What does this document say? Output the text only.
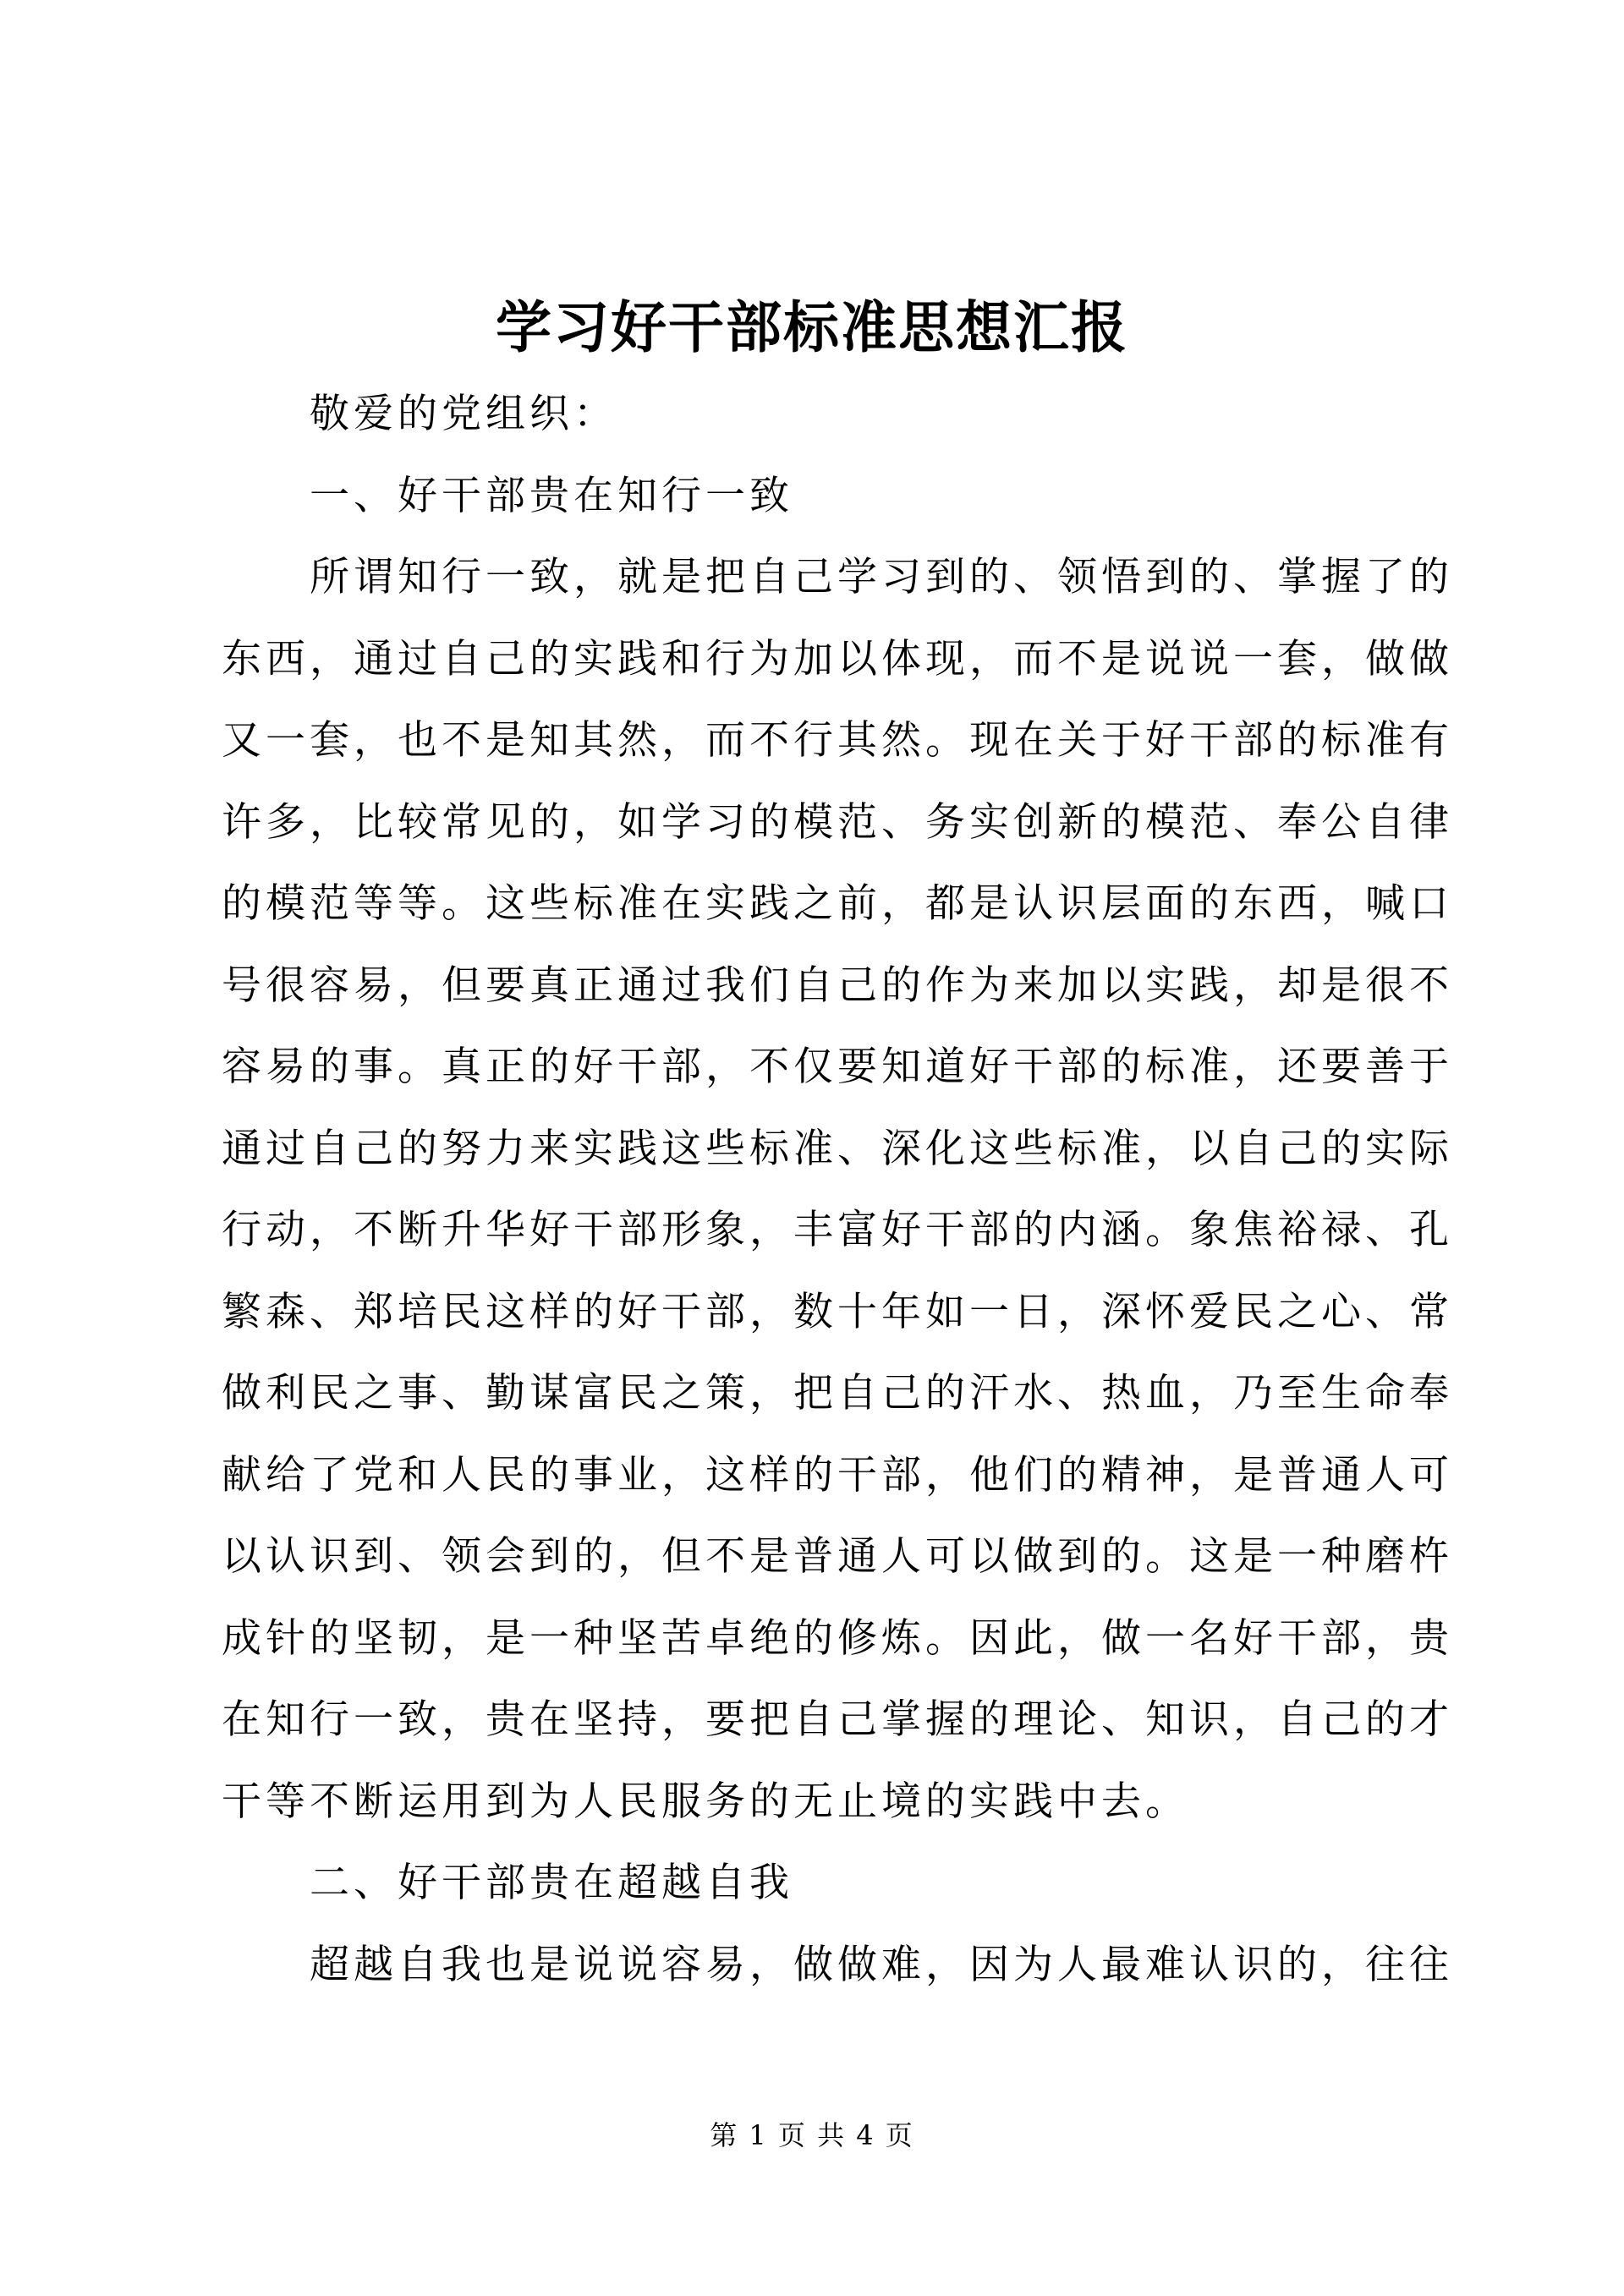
学习好干部标准思想汇报
敬爱的党组织：
一、好干部贵在知行一致
所谓知行一致，就是把自己学习到的、领悟到的、掌握了的
东西，通过自己的实践和行为加以体现，而不是说说一套，做做
又一套，也不是知其然，而不行其然。现在关于好干部的标准有
许多，比较常见的，如学习的模范、务实创新的模范、奉公自律
的模范等等。这些标准在实践之前，都是认识层面的东西，喊口
号很容易，但要真正通过我们自己的作为来加以实践，却是很不
容易的事。真正的好干部，不仅要知道好干部的标准，还要善于
通过自己的努力来实践这些标准、深化这些标准，以自己的实际
行动，不断升华好干部形象，丰富好干部的内涵。象焦裕禄、孔
繁森、郑培民这样的好干部，数十年如一日，深怀爱民之心、常
做利民之事、勤谋富民之策，把自己的汗水、热血，乃至生命奉
献给了党和人民的事业，这样的干部，他们的精神，是普通人可
以认识到、领会到的，但不是普通人可以做到的。这是一种磨杵
成针的坚韧，是一种坚苦卓绝的修炼。因此，做一名好干部，贵
在知行一致，贵在坚持，要把自己掌握的理论、知识，自己的才
干等不断运用到为人民服务的无止境的实践中去。
二、好干部贵在超越自我
超越自我也是说说容易，做做难，因为人最难认识的，往往
第 1 页 共 4 页
